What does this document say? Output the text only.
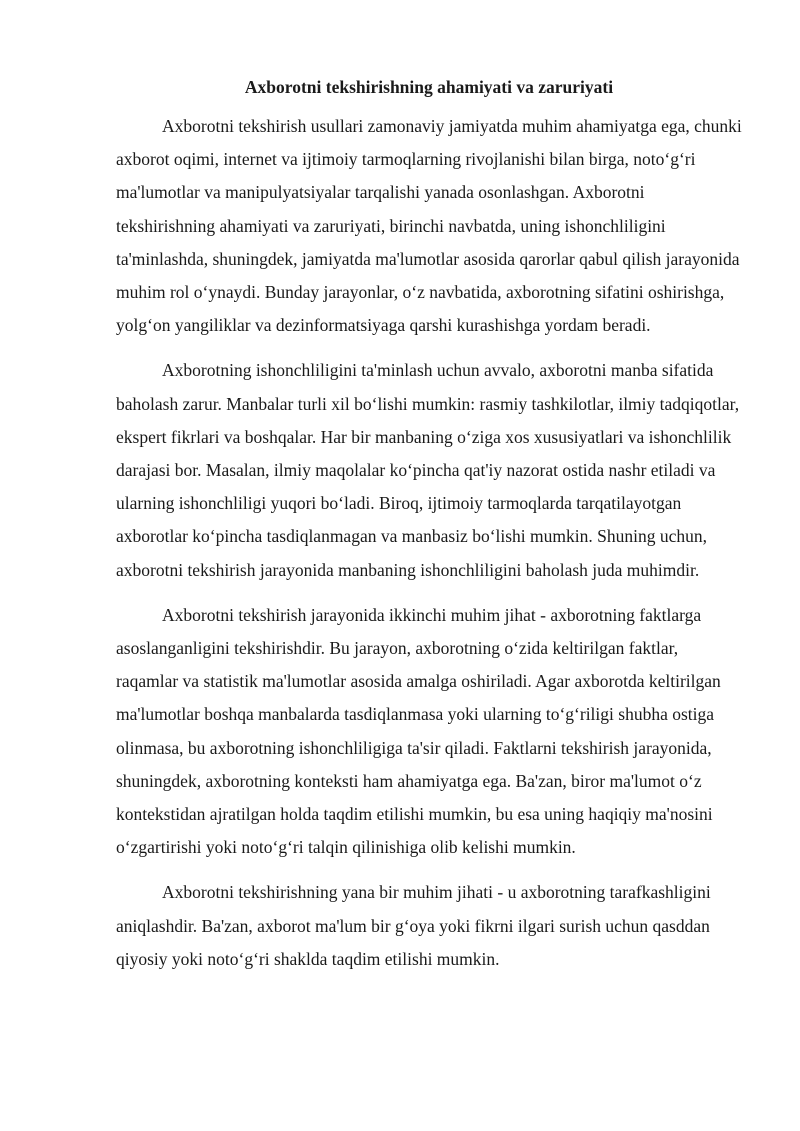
Axborotni tekshirishning ahamiyati va zaruriyati

Axborotni tekshirish usullari zamonaviy jamiyatda muhim ahamiyatga ega, chunki axborot oqimi, internet va ijtimoiy tarmoqlarning rivojlanishi bilan birga, noto‘g‘ri ma'lumotlar va manipulyatsiyalar tarqalishi yanada osonlashgan. Axborotni tekshirishning ahamiyati va zaruriyati, birinchi navbatda, uning ishonchliligini ta'minlashda, shuningdek, jamiyatda ma'lumotlar asosida qarorlar qabul qilish jarayonida muhim rol o‘ynaydi. Bunday jarayonlar, o‘z navbatida, axborotning sifatini oshirishga, yolg‘on yangiliklar va dezinformatsiyaga qarshi kurashishga yordam beradi.

Axborotning ishonchliligini ta'minlash uchun avvalo, axborotni manba sifatida baholash zarur. Manbalar turli xil bo‘lishi mumkin: rasmiy tashkilotlar, ilmiy tadqiqotlar, ekspert fikrlari va boshqalar. Har bir manbaning o‘ziga xos xususiyatlari va ishonchlilik darajasi bor. Masalan, ilmiy maqolalar ko‘pincha qat'iy nazorat ostida nashr etiladi va ularning ishonchliligi yuqori bo‘ladi. Biroq, ijtimoiy tarmoqlarda tarqatilayotgan axborotlar ko‘pincha tasdiqlanmagan va manbasiz bo‘lishi mumkin. Shuning uchun, axborotni tekshirish jarayonida manbaning ishonchliligini baholash juda muhimdir.

Axborotni tekshirish jarayonida ikkinchi muhim jihat - axborotning faktlarga asoslanganligini tekshirishdir. Bu jarayon, axborotning o‘zida keltirilgan faktlar, raqamlar va statistik ma'lumotlar asosida amalga oshiriladi. Agar axborotda keltirilgan ma'lumotlar boshqa manbalarda tasdiqlanmasa yoki ularning to‘g‘riligi shubha ostiga olinmasa, bu axborotning ishonchliligiga ta'sir qiladi. Faktlarni tekshirish jarayonida, shuningdek, axborotning konteksti ham ahamiyatga ega. Ba'zan, biror ma'lumot o‘z kontekstidan ajratilgan holda taqdim etilishi mumkin, bu esa uning haqiqiy ma'nosini o‘zgartirishi yoki noto‘g‘ri talqin qilinishiga olib kelishi mumkin.

Axborotni tekshirishning yana bir muhim jihati - u axborotning tarafkashligini aniqlashdir. Ba'zan, axborot ma'lum bir g‘oya yoki fikrni ilgari surish uchun qasddan qiyosiy yoki noto‘g‘ri shaklda taqdim etilishi mumkin.
